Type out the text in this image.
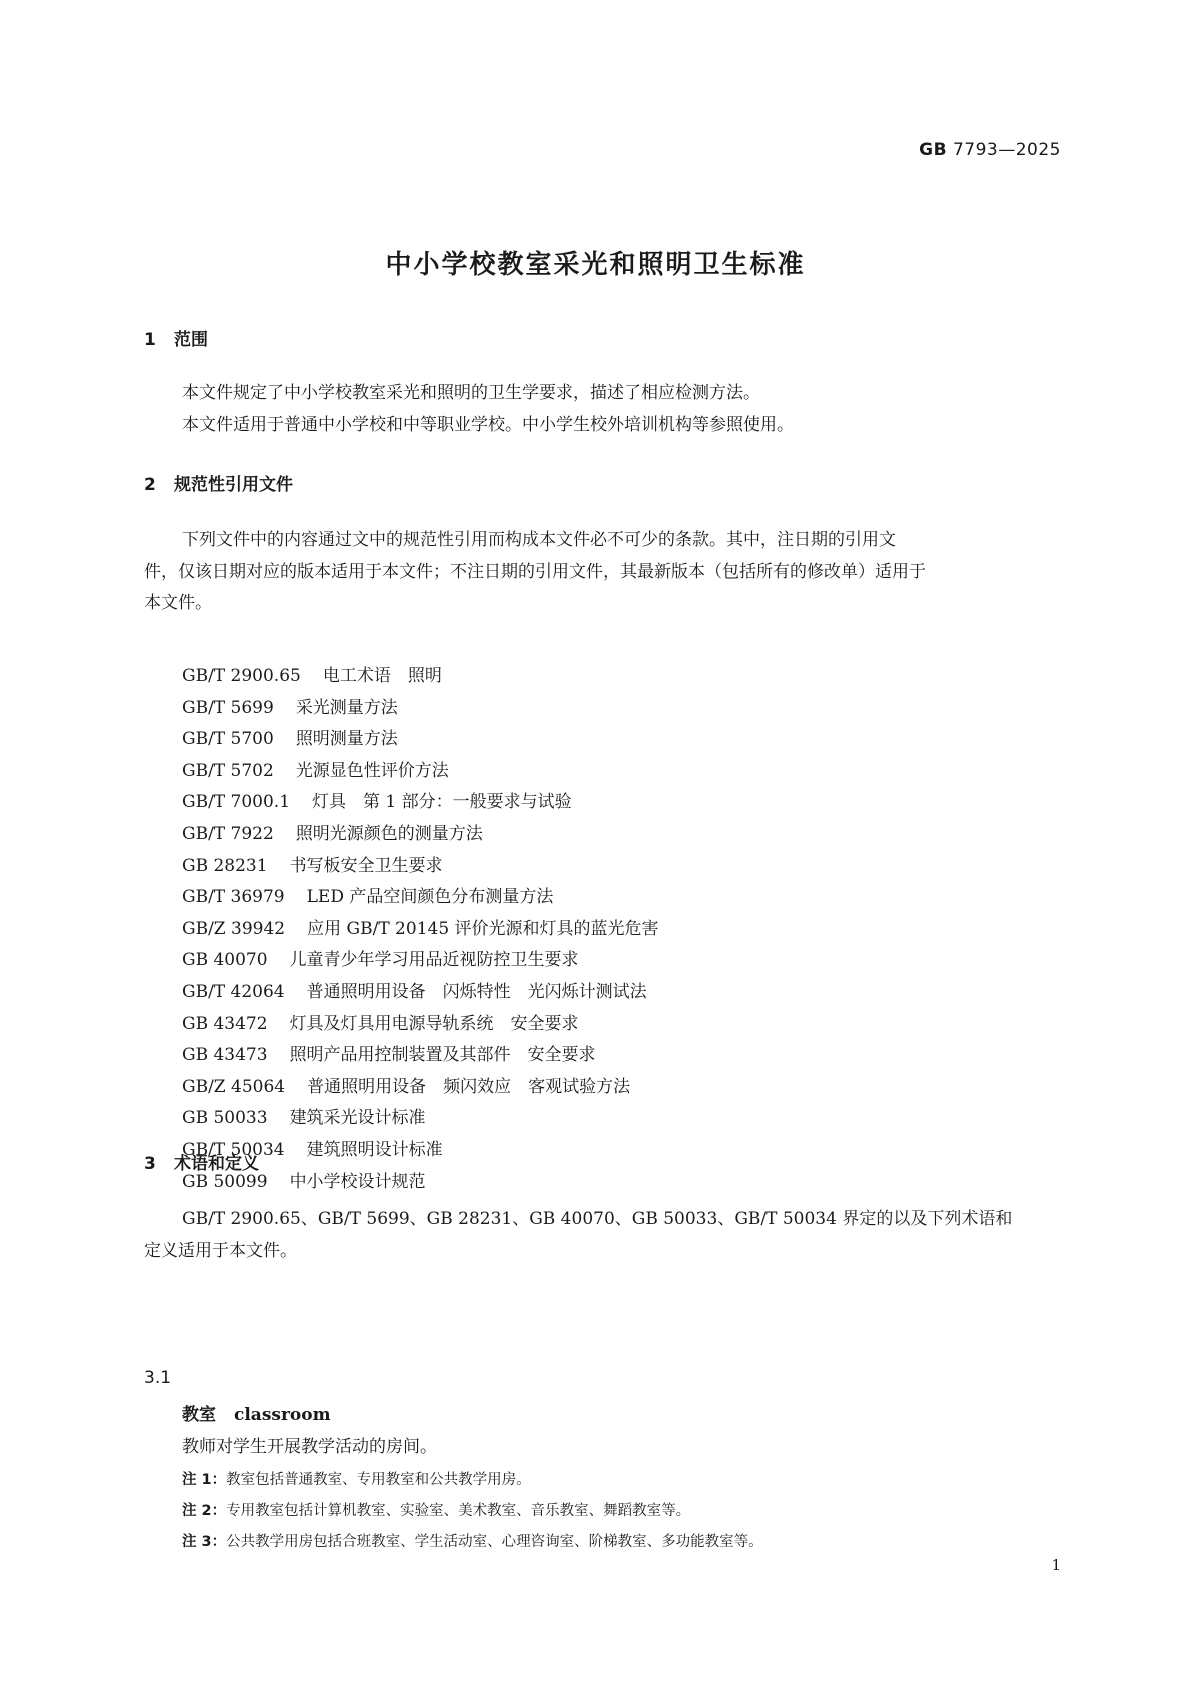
GB 7793—2025
中小学校教室采光和照明卫生标准
1 范围
本文件规定了中小学校教室采光和照明的卫生学要求，描述了相应检测方法。
本文件适用于普通中小学校和中等职业学校。中小学生校外培训机构等参照使用。
2 规范性引用文件
下列文件中的内容通过文中的规范性引用而构成本文件必不可少的条款。其中，注日期的引用文
件，仅该日期对应的版本适用于本文件；不注日期的引用文件，其最新版本（包括所有的修改单）适用于
本文件。
GB/T 2900.65 电工术语　照明
GB/T 5699 采光测量方法
GB/T 5700 照明测量方法
GB/T 5702 光源显色性评价方法
GB/T 7000.1 灯具　第 1 部分：一般要求与试验
GB/T 7922 照明光源颜色的测量方法
GB 28231 书写板安全卫生要求
GB/T 36979 LED 产品空间颜色分布测量方法
GB/Z 39942 应用 GB/T 20145 评价光源和灯具的蓝光危害
GB 40070 儿童青少年学习用品近视防控卫生要求
GB/T 42064 普通照明用设备　闪烁特性　光闪烁计测试法
GB 43472 灯具及灯具用电源导轨系统　安全要求
GB 43473 照明产品用控制装置及其部件　安全要求
GB/Z 45064 普通照明用设备　频闪效应　客观试验方法
GB 50033 建筑采光设计标准
GB/T 50034 建筑照明设计标准
GB 50099 中小学校设计规范
3 术语和定义
GB/T 2900.65、GB/T 5699、GB 28231、GB 40070、GB 50033、GB/T 50034 界定的以及下列术语和
定义适用于本文件。
3.1
教室 classroom
教师对学生开展教学活动的房间。
注 1：教室包括普通教室、专用教室和公共教学用房。
注 2：专用教室包括计算机教室、实验室、美术教室、音乐教室、舞蹈教室等。
注 3：公共教学用房包括合班教室、学生活动室、心理咨询室、阶梯教室、多功能教室等。
1
